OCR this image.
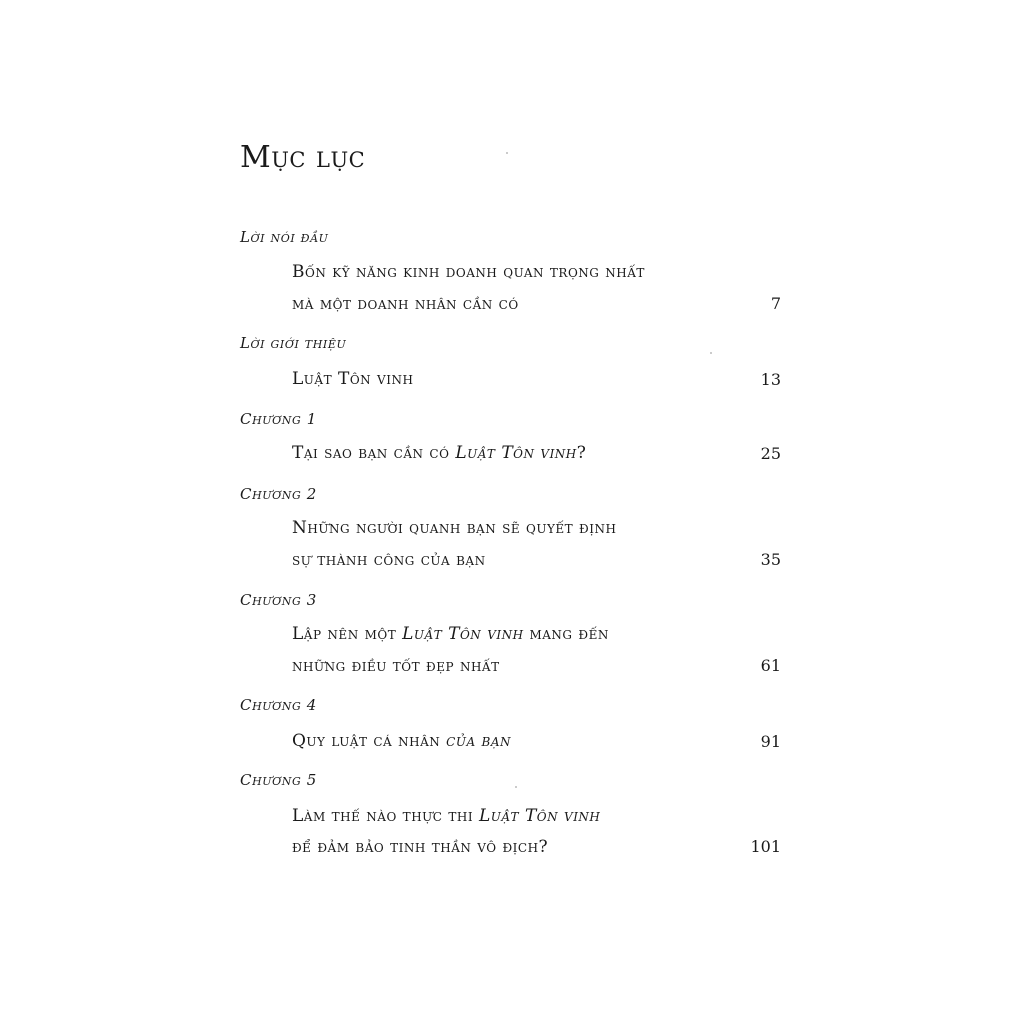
Mục lục
Lời nói đầu
Bốn kỹ năng kinh doanh quan trọng nhất
mà một doanh nhân cần có	7
Lời giới thiệu
Luật Tôn vinh	13
Chương 1
Tại sao bạn cần có Luật Tôn vinh?	25
Chương 2
Những người quanh bạn sẽ quyết định
sự thành công của bạn	35
Chương 3
Lập nên một Luật Tôn vinh mang đến
những điều tốt đẹp nhất	61
Chương 4
Quy luật cá nhân của bạn	91
Chương 5
Làm thế nào thực thi Luật Tôn vinh
để đảm bảo tinh thần vô địch?	101
